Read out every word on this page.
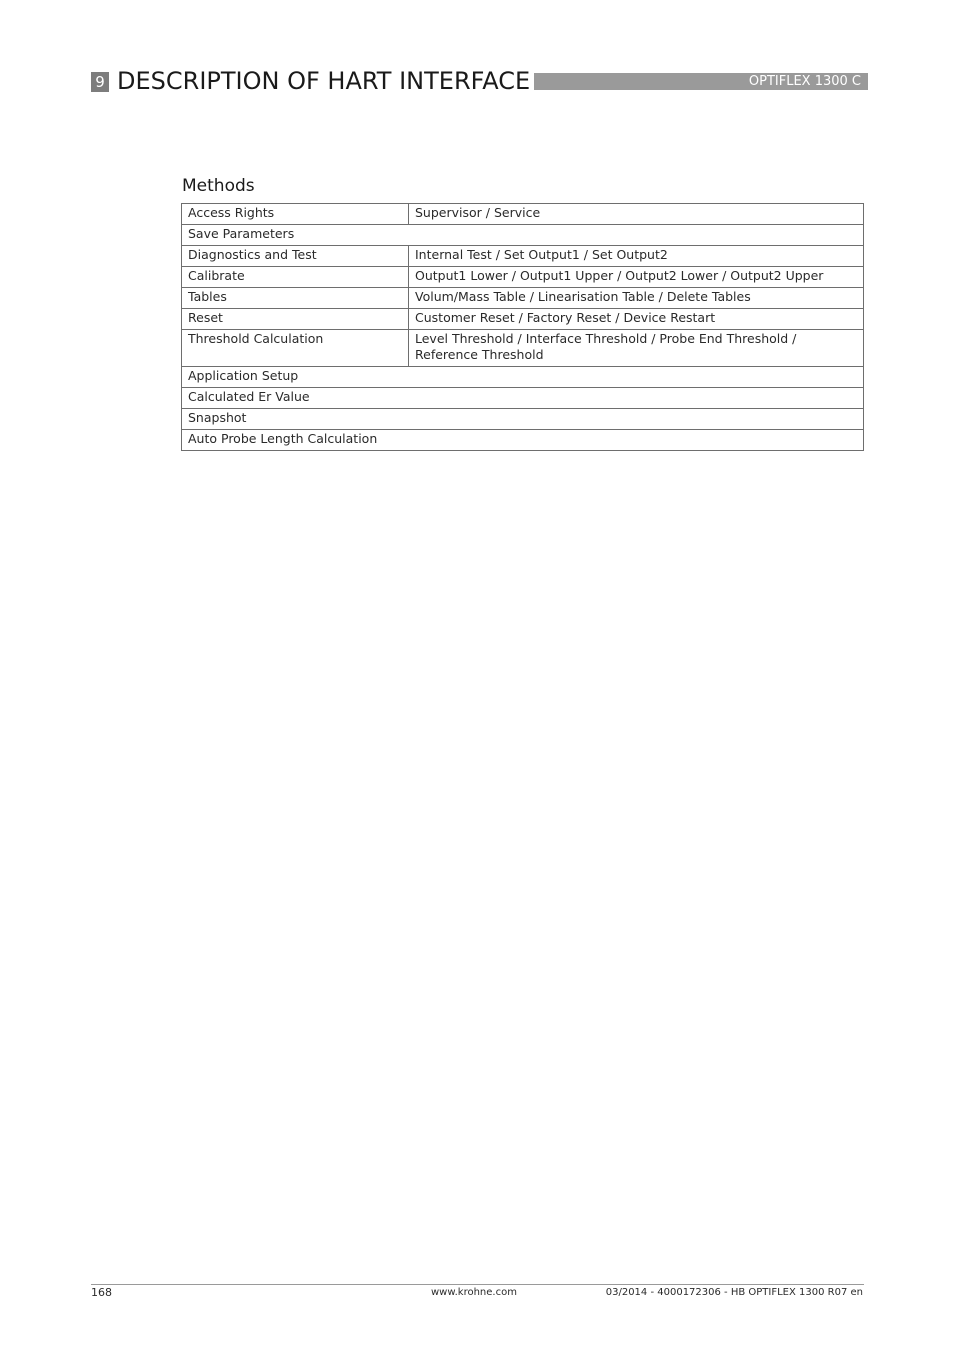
9 DESCRIPTION OF HART INTERFACE	OPTIFLEX 1300 C
Methods
Access Rights	Supervisor / Service
Save Parameters	
Diagnostics and Test	Internal Test / Set Output1 / Set Output2
Calibrate	Output1 Lower / Output1 Upper / Output2 Lower / Output2 Upper
Tables	Volum/Mass Table / Linearisation Table / Delete Tables
Reset	Customer Reset / Factory Reset / Device Restart
Threshold Calculation	Level Threshold / Interface Threshold / Probe End Threshold / Reference Threshold
Application Setup	
Calculated Er Value	
Snapshot	
Auto Probe Length Calculation	
168	www.krohne.com	03/2014 - 4000172306 - HB OPTIFLEX 1300 R07 en
